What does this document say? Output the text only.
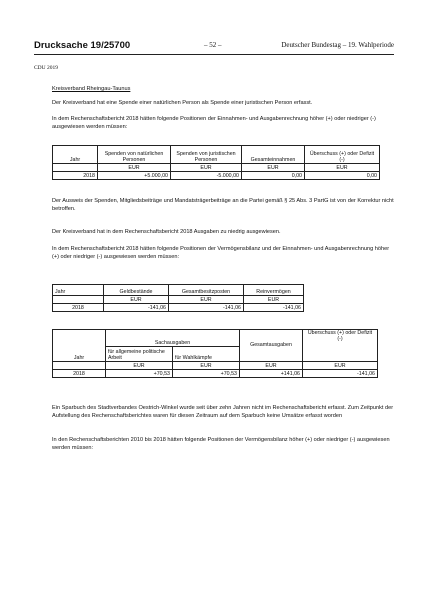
Drucksache 19/25700	– 52 –	Deutscher Bundestag – 19. Wahlperiode
CDU 2019
Kreisverband Rheingau-Taunus
Der Kreisverband hat eine Spende einer natürlichen Person als Spende einer juristischen Person erfasst.
In dem Rechenschaftsbericht 2018 hätten folgende Positionen der Einnahmen- und Ausgabenrechnung höher (+) oder niedriger (-) ausgewiesen werden müssen:
Jahr	Spenden von natürlichen Personen	Spenden von juristischen Personen	Gesamteinnahmen	Überschuss (+) oder Defizit (-)
	EUR	EUR	EUR	EUR
2018	+5.000,00	-5.000,00	0,00	0,00
Der Ausweis der Spenden, Mitgliedsbeiträge und Mandatsträgerbeiträge an die Partei gemäß § 25 Abs. 3 PartG ist von der Korrektur nicht betroffen.
Der Kreisverband hat in dem Rechenschaftsbericht 2018 Ausgaben zu niedrig ausgewiesen.
In dem Rechenschaftsbericht 2018 hätten folgende Positionen der Vermögensbilanz und der Einnahmen- und Ausgabenrechnung höher (+) oder niedriger (-) ausgewiesen werden müssen:
Jahr	Geldbestände	Gesamtbesitzposten	Reinvermögen
	EUR	EUR	EUR
2018	-141,06	-141,06	-141,06
	Sachausgaben		Gesamtausgaben	Überschuss (+) oder Defizit (-)
Jahr	für allgemeine politische Arbeit	für Wahlkämpfe		
	EUR	EUR	EUR	EUR
2018	+70,53	+70,53	+141,06	-141,06
Ein Sparbuch des Stadtverbandes Oestrich-Winkel wurde seit über zehn Jahren nicht im Rechenschaftsbericht erfasst. Zum Zeitpunkt der Aufstellung des Rechenschaftsberichtes waren für diesen Zeitraum auf dem Sparbuch keine Umsätze erfasst worden
In den Rechenschaftsberichten 2010 bis 2018 hätten folgende Positionen der Vermögensbilanz höher (+) oder niedriger (-) ausgewiesen werden müssen:
